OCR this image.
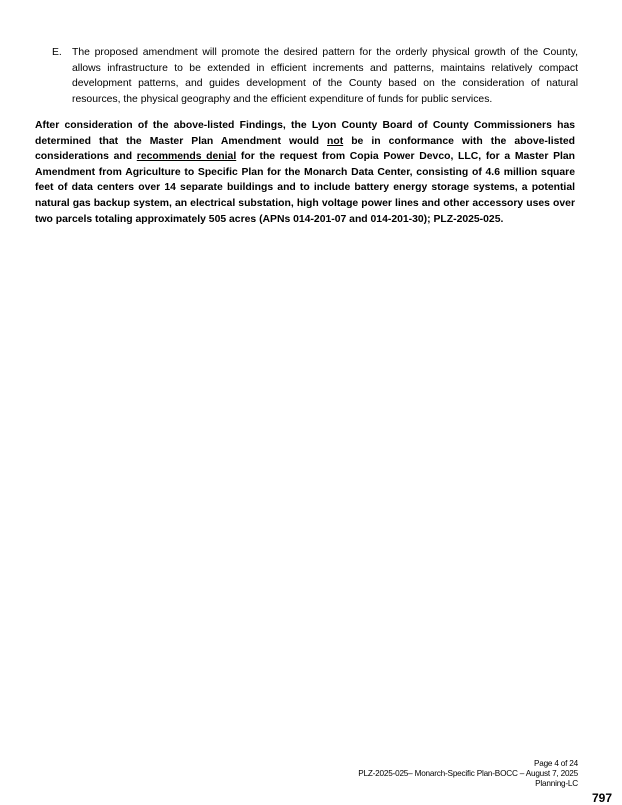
E. The proposed amendment will promote the desired pattern for the orderly physical growth of the County, allows infrastructure to be extended in efficient increments and patterns, maintains relatively compact development patterns, and guides development of the County based on the consideration of natural resources, the physical geography and the efficient expenditure of funds for public services.
After consideration of the above-listed Findings, the Lyon County Board of County Commissioners has determined that the Master Plan Amendment would not be in conformance with the above-listed considerations and recommends denial for the request from Copia Power Devco, LLC, for a Master Plan Amendment from Agriculture to Specific Plan for the Monarch Data Center, consisting of 4.6 million square feet of data centers over 14 separate buildings and to include battery energy storage systems, a potential natural gas backup system, an electrical substation, high voltage power lines and other accessory uses over two parcels totaling approximately 505 acres (APNs 014-201-07 and 014-201-30); PLZ-2025-025.
Page 4 of 24
PLZ-2025-025– Monarch-Specific Plan-BOCC – August 7, 2025
Planning-LC
797
